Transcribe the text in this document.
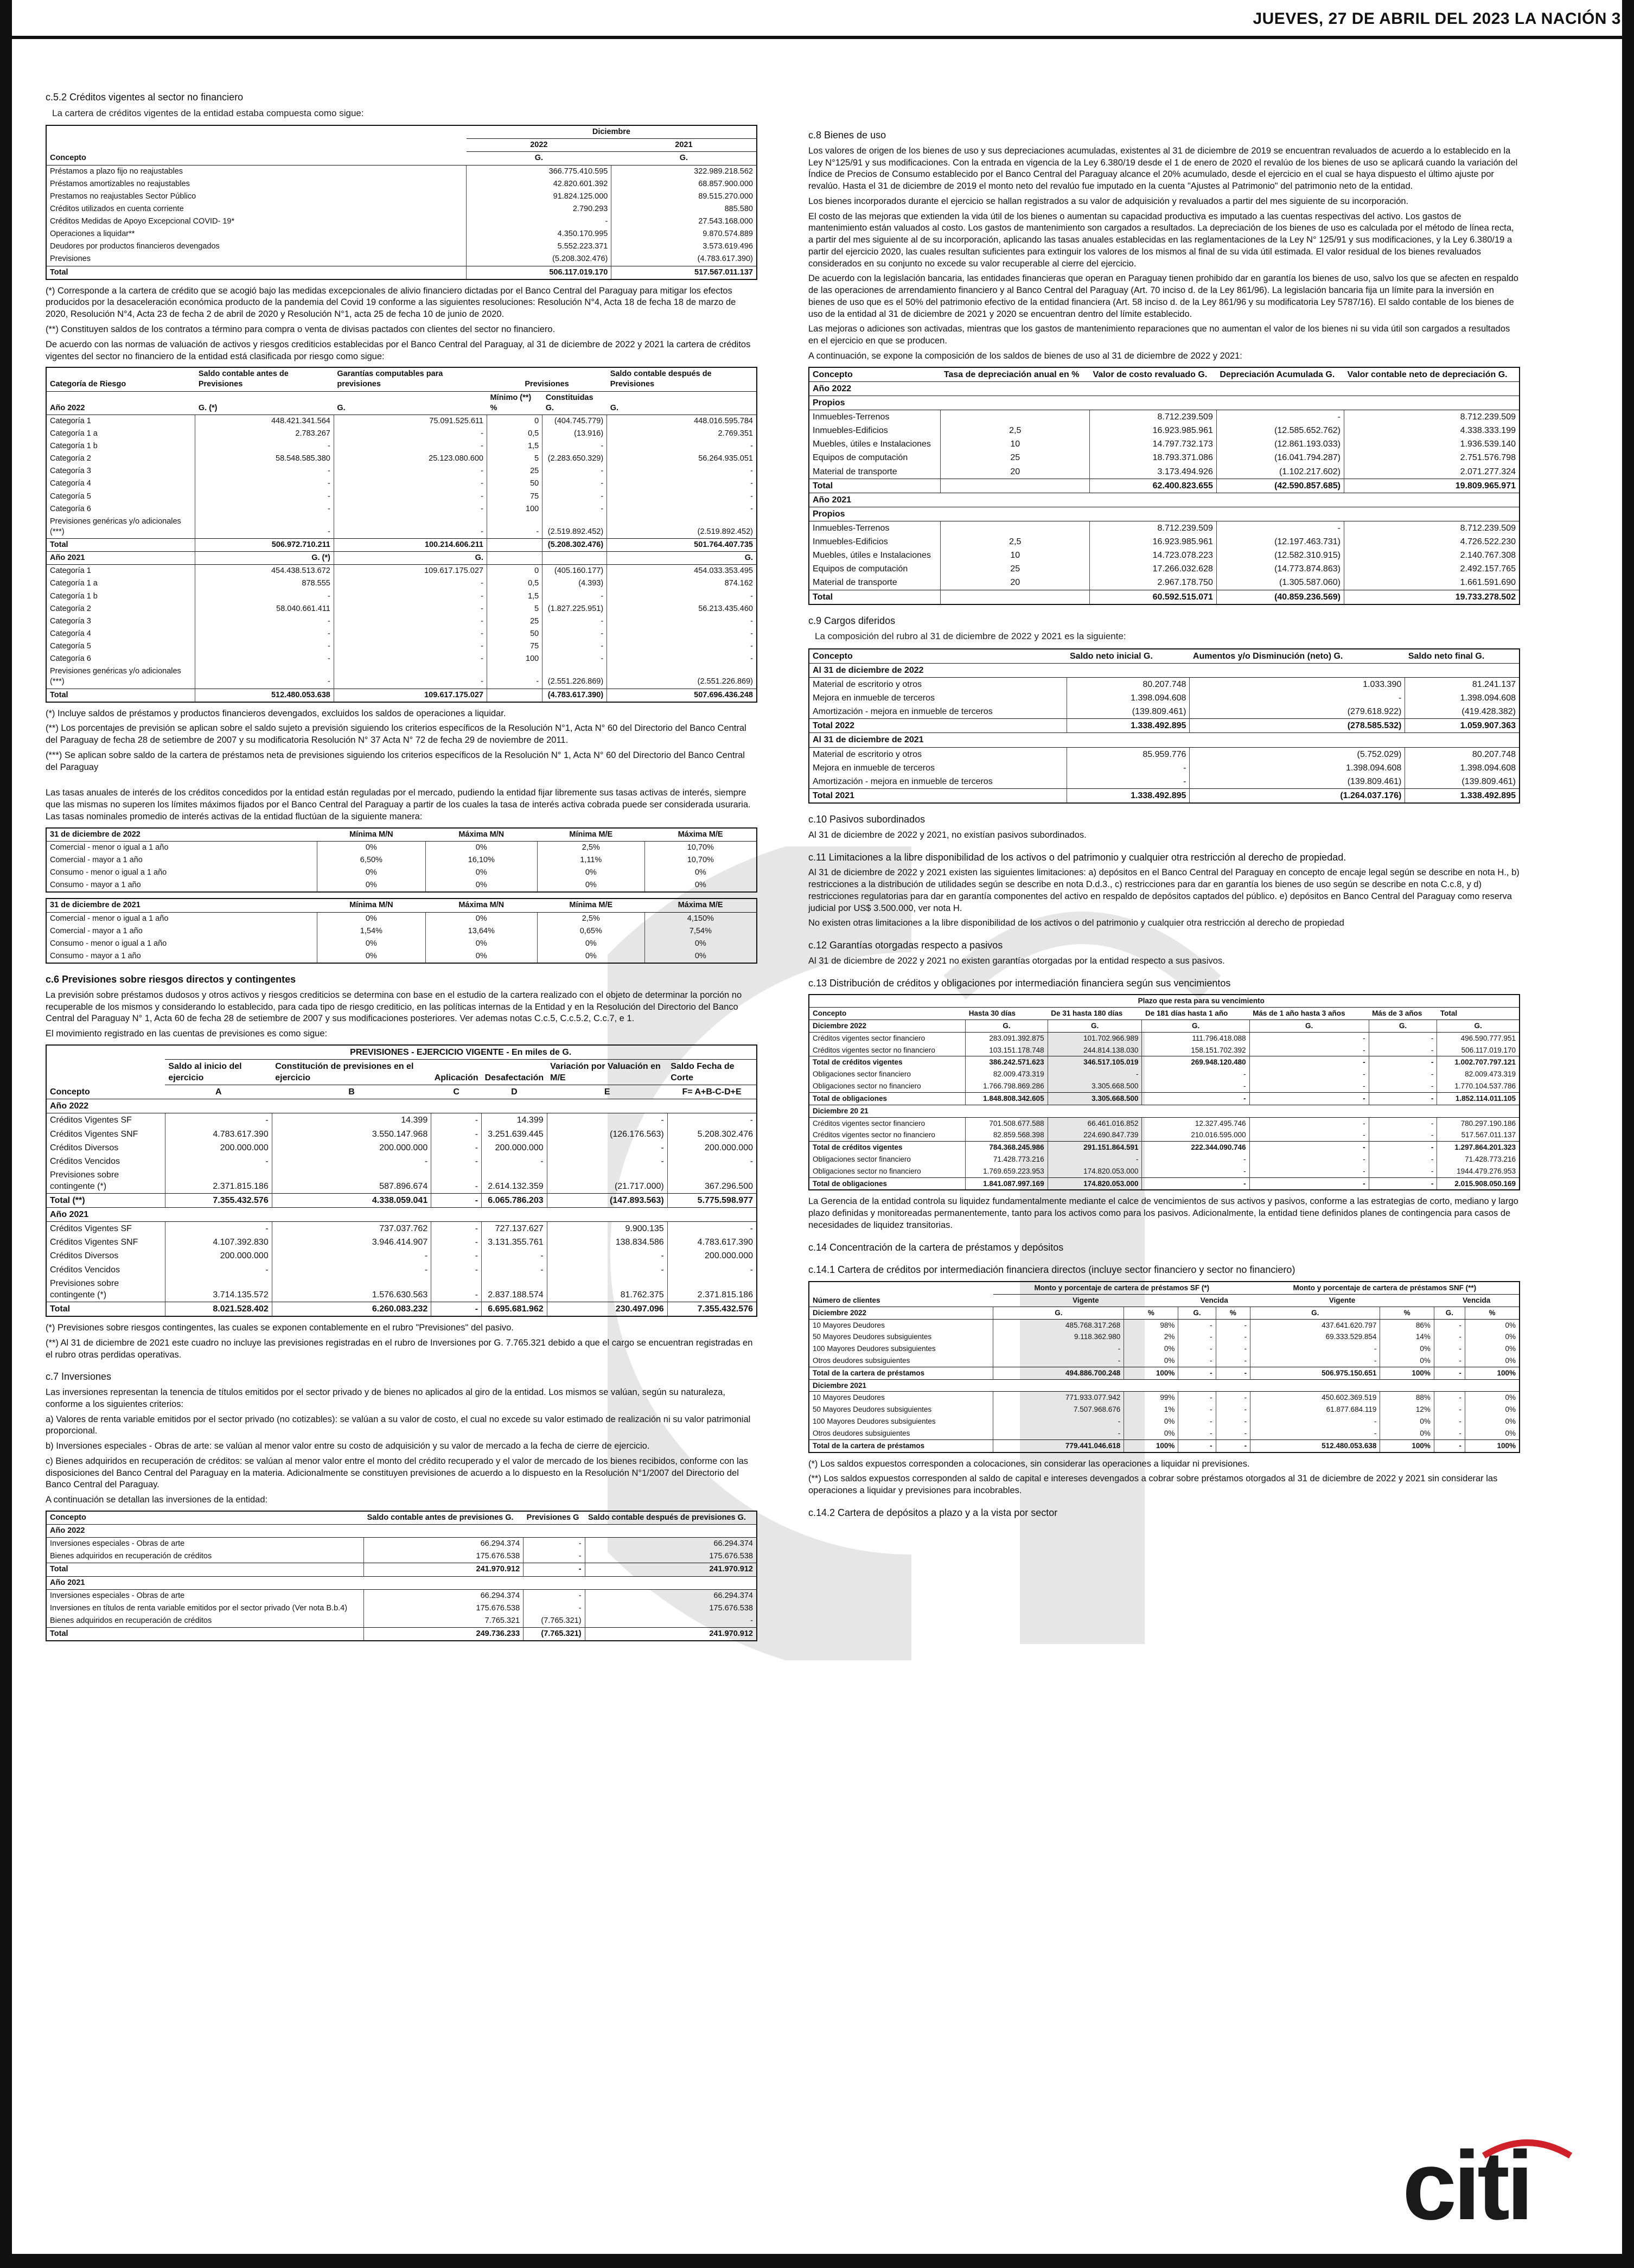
JUEVES, 27 DE ABRIL DEL 2023 LA NACIÓN 3
c.5.2 Créditos vigentes al sector no financiero
La cartera de créditos vigentes de la entidad estaba compuesta como sigue:
Concepto	Diciembre	
	2022	2021
	G.	G.
Préstamos a plazo fijo no reajustables	366.775.410.595	322.989.218.562
Préstamos amortizables no reajustables	42.820.601.392	68.857.900.000
Prestamos no reajustables Sector Público	91.824.125.000	89.515.270.000
Créditos utilizados en cuenta corriente	2.790.293	885.580
Créditos Medidas de Apoyo Excepcional COVID- 19*	-	27.543.168.000
Operaciones a liquidar**	4.350.170.995	9.870.574.889
Deudores por productos financieros devengados	5.552.223.371	3.573.619.496
Previsiones	(5.208.302.476)	(4.783.617.390)
Total	506.117.019.170	517.567.011.137

(*) Corresponde a la cartera de crédito que se acogió bajo las medidas excepcionales de alivio financiero dictadas por el Banco Central del Paraguay para mitigar los efectos producidos por la desaceleración económica producto de la pandemia del Covid 19 conforme a las siguientes resoluciones: Resolución N°4, Acta 18 de fecha 18 de marzo de 2020, Resolución N°4, Acta 23 de fecha 2 de abril de 2020 y Resolución N°1, acta 25 de fecha 10 de junio de 2020.

(**) Constituyen saldos de los contratos a término para compra o venta de divisas pactados con clientes del sector no financiero.

De acuerdo con las normas de valuación de activos y riesgos crediticios establecidas por el Banco Central del Paraguay, al 31 de diciembre de 2022 y 2021 la cartera de créditos vigentes del sector no financiero de la entidad está clasificada por riesgo como sigue:

Categoría de Riesgo	Saldo contable antes de Previsiones	Garantías computables para previsiones	Previsiones		Saldo contable después de Previsiones
Año 2022	G. (*)	G.	Mínimo (**) %	Constituidas G.	G.
Categoría 1	448.421.341.564	75.091.525.611	0	(404.745.779)	448.016.595.784
Categoría 1 a	2.783.267	-	0,5	(13.916)	2.769.351
Categoría 1 b	-	-	1,5	-	-
Categoría 2	58.548.585.380	25.123.080.600	5	(2.283.650.329)	56.264.935.051
Categoría 3	-	-	25	-	-
Categoría 4	-	-	50	-	-
Categoría 5	-	-	75	-	-
Categoría 6	-	-	100	-	-
Previsiones genéricas y/o adicionales (***)	-	-	-	(2.519.892.452)	(2.519.892.452)
Total	506.972.710.211	100.214.606.211		(5.208.302.476)	501.764.407.735
Año 2021	G. (*)	G.			G.
Categoría 1	454.438.513.672	109.617.175.027	0	(405.160.177)	454.033.353.495
Categoría 1 a	878.555	-	0,5	(4.393)	874.162
Categoría 1 b	-	-	1,5	-	-
Categoría 2	58.040.661.411	-	5	(1.827.225.951)	56.213.435.460
Categoría 3	-	-	25	-	-
Categoría 4	-	-	50	-	-
Categoría 5	-	-	75	-	-
Categoría 6	-	-	100	-	-
Previsiones genéricas y/o adicionales (***)	-	-	-	(2.551.226.869)	(2.551.226.869)
Total	512.480.053.638	109.617.175.027		(4.783.617.390)	507.696.436.248

(*) Incluye saldos de préstamos y productos financieros devengados, excluidos los saldos de operaciones a liquidar.

(**) Los porcentajes de previsión se aplican sobre el saldo sujeto a previsión siguiendo los criterios específicos de la Resolución N°1, Acta N° 60 del Directorio del Banco Central del Paraguay de fecha 28 de setiembre de 2007 y su modificatoria Resolución N° 37 Acta N° 72 de fecha 29 de noviembre de 2011.

(***) Se aplican sobre saldo de la cartera de préstamos neta de previsiones siguiendo los criterios específicos de la Resolución N° 1, Acta N° 60 del Directorio del Banco Central del Paraguay

Las tasas anuales de interés de los créditos concedidos por la entidad están reguladas por el mercado, pudiendo la entidad fijar libremente sus tasas activas de interés, siempre que las mismas no superen los límites máximos fijados por el Banco Central del Paraguay a partir de los cuales la tasa de interés activa cobrada puede ser considerada usuraria. Las tasas nominales promedio de interés activas de la entidad fluctúan de la siguiente manera:

31 de diciembre de 2022	Mínima M/N	Máxima M/N	Mínima M/E	Máxima M/E
Comercial - menor o igual a 1 año	0%	0%	2,5%	10,70%
Comercial - mayor a 1 año	6,50%	16,10%	1,11%	10,70%
Consumo - menor o igual a 1 año	0%	0%	0%	0%
Consumo - mayor a 1 año	0%	0%	0%	0%
31 de diciembre de 2021	Mínima M/N	Máxima M/N	Mínima M/E	Máxima M/E
Comercial - menor o igual a 1 año	0%	0%	2,5%	4,150%
Comercial - mayor a 1 año	1,54%	13,64%	0,65%	7,54%
Consumo - menor o igual a 1 año	0%	0%	0%	0%
Consumo - mayor a 1 año	0%	0%	0%	0%
c.6 Previsiones sobre riesgos directos y contingentes

La previsión sobre préstamos dudosos y otros activos y riesgos crediticios se determina con base en el estudio de la cartera realizado con el objeto de determinar la porción no recuperable de los mismos y considerando lo establecido, para cada tipo de riesgo crediticio, en las políticas internas de la Entidad y en la Resolución del Directorio del Banco Central del Paraguay N° 1, Acta 60 de fecha 28 de setiembre de 2007 y sus modificaciones posteriores. Ver ademas notas C.c.5, C.c.5.2, C.c.7, e 1.

El movimiento registrado en las cuentas de previsiones es como sigue:

Concepto	PREVISIONES - EJERCICIO VIGENTE - En miles de G.					
	Saldo al inicio del ejercicio	Constitución de previsiones en el ejercicio	Aplicación	Desafectación	Variación por Valuación en M/E	Saldo Fecha de Corte
	A	B	C	D	E	F= A+B-C-D+E
Año 2022						
Créditos Vigentes SF	-	14.399	-	14.399	-	-
Créditos Vigentes SNF	4.783.617.390	3.550.147.968	-	3.251.639.445	(126.176.563)	5.208.302.476
Créditos Diversos	200.000.000	200.000.000	-	200.000.000	-	200.000.000
Créditos Vencidos	-	-	-	-	-	-
Previsiones sobre contingente (*)	2.371.815.186	587.896.674	-	2.614.132.359	(21.717.000)	367.296.500
Total (**)	7.355.432.576	4.338.059.041	-	6.065.786.203	(147.893.563)	5.775.598.977
Año 2021						
Créditos Vigentes SF	-	737.037.762	-	727.137.627	9.900.135	-
Créditos Vigentes SNF	4.107.392.830	3.946.414.907	-	3.131.355.761	138.834.586	4.783.617.390
Créditos Diversos	200.000.000	-	-	-	-	200.000.000
Créditos Vencidos	-	-	-	-	-	-
Previsiones sobre contingente (*)	3.714.135.572	1.576.630.563	-	2.837.188.574	81.762.375	2.371.815.186
Total	8.021.528.402	6.260.083.232	-	6.695.681.962	230.497.096	7.355.432.576

(*) Previsiones sobre riesgos contingentes, las cuales se exponen contablemente en el rubro "Previsiones" del pasivo.

(**) Al 31 de diciembre de 2021 este cuadro no incluye las previsiones registradas en el rubro de Inversiones por G. 7.765.321 debido a que el cargo se encuentran registradas en el rubro otras perdidas operativas.

c.7 Inversiones

Las inversiones representan la tenencia de títulos emitidos por el sector privado y de bienes no aplicados al giro de la entidad. Los mismos se valúan, según su naturaleza, conforme a los siguientes criterios:

a) Valores de renta variable emitidos por el sector privado (no cotizables): se valúan a su valor de costo, el cual no excede su valor estimado de realización ni su valor patrimonial proporcional.

b) Inversiones especiales - Obras de arte: se valúan al menor valor entre su costo de adquisición y su valor de mercado a la fecha de cierre de ejercicio.

c) Bienes adquiridos en recuperación de créditos: se valúan al menor valor entre el monto del crédito recuperado y el valor de mercado de los bienes recibidos, conforme con las disposiciones del Banco Central del Paraguay en la materia. Adicionalmente se constituyen previsiones de acuerdo a lo dispuesto en la Resolución N°1/2007 del Directorio del Banco Central del Paraguay.

A continuación se detallan las inversiones de la entidad:

Concepto	Saldo contable antes de previsiones G.	Previsiones G	Saldo contable después de previsiones G.
Año 2022			
Inversiones especiales - Obras de arte	66.294.374	-	66.294.374
Bienes adquiridos en recuperación de créditos	175.676.538	-	175.676.538
Total	241.970.912	-	241.970.912
Año 2021			
Inversiones especiales - Obras de arte	66.294.374	-	66.294.374
Inversiones en títulos de renta variable emitidos por el sector privado (Ver nota B.b.4)	175.676.538	-	175.676.538
Bienes adquiridos en recuperación de créditos	7.765.321	(7.765.321)	-
Total	249.736.233	(7.765.321)	241.970.912
c.8 Bienes de uso

Los valores de origen de los bienes de uso y sus depreciaciones acumuladas, existentes al 31 de diciembre de 2019 se encuentran revaluados de acuerdo a lo establecido en la Ley N°125/91 y sus modificaciones. Con la entrada en vigencia de la Ley 6.380/19 desde el 1 de enero de 2020 el revalúo de los bienes de uso se aplicará cuando la variación del Índice de Precios de Consumo establecido por el Banco Central del Paraguay alcance el 20% acumulado, desde el ejercicio en el cual se haya dispuesto el último ajuste por revalúo. Hasta el 31 de diciembre de 2019 el monto neto del revalúo fue imputado en la cuenta "Ajustes al Patrimonio" del patrimonio neto de la entidad.

Los bienes incorporados durante el ejercicio se hallan registrados a su valor de adquisición y revaluados a partir del mes siguiente de su incorporación.

El costo de las mejoras que extienden la vida útil de los bienes o aumentan su capacidad productiva es imputado a las cuentas respectivas del activo. Los gastos de mantenimiento están valuados al costo. Los gastos de mantenimiento son cargados a resultados. La depreciación de los bienes de uso es calculada por el método de línea recta, a partir del mes siguiente al de su incorporación, aplicando las tasas anuales establecidas en las reglamentaciones de la Ley N° 125/91 y sus modificaciones, y la Ley 6.380/19 a partir del ejercicio 2020, las cuales resultan suficientes para extinguir los valores de los mismos al final de su vida útil estimada. El valor residual de los bienes revaluados considerados en su conjunto no excede su valor recuperable al cierre del ejercicio.

De acuerdo con la legislación bancaria, las entidades financieras que operan en Paraguay tienen prohibido dar en garantía los bienes de uso, salvo los que se afecten en respaldo de las operaciones de arrendamiento financiero y al Banco Central del Paraguay (Art. 70 inciso d. de la Ley 861/96). La legislación bancaria fija un límite para la inversión en bienes de uso que es el 50% del patrimonio efectivo de la entidad financiera (Art. 58 inciso d. de la Ley 861/96 y su modificatoria Ley 5787/16). El saldo contable de los bienes de uso de la entidad al 31 de diciembre de 2021 y 2020 se encuentran dentro del límite establecido.

Las mejoras o adiciones son activadas, mientras que los gastos de mantenimiento reparaciones que no aumentan el valor de los bienes ni su vida útil son cargados a resultados en el ejercicio en que se producen.

A continuación, se expone la composición de los saldos de bienes de uso al 31 de diciembre de 2022 y 2021:

Concepto	Tasa de depreciación anual en %	Valor de costo revaluado G.	Depreciación Acumulada G.	Valor contable neto de depreciación G.
Año 2022				
Propios				
Inmuebles-Terrenos		8.712.239.509	-	8.712.239.509
Inmuebles-Edificios	2,5	16.923.985.961	(12.585.652.762)	4.338.333.199
Muebles, útiles e Instalaciones	10	14.797.732.173	(12.861.193.033)	1.936.539.140
Equipos de computación	25	18.793.371.086	(16.041.794.287)	2.751.576.798
Material de transporte	20	3.173.494.926	(1.102.217.602)	2.071.277.324
Total		62.400.823.655	(42.590.857.685)	19.809.965.971
Año 2021				
Propios				
Inmuebles-Terrenos		8.712.239.509	-	8.712.239.509
Inmuebles-Edificios	2,5	16.923.985.961	(12.197.463.731)	4.726.522.230
Muebles, útiles e Instalaciones	10	14.723.078.223	(12.582.310.915)	2.140.767.308
Equipos de computación	25	17.266.032.628	(14.773.874.863)	2.492.157.765
Material de transporte	20	2.967.178.750	(1.305.587.060)	1.661.591.690
Total		60.592.515.071	(40.859.236.569)	19.733.278.502
c.9 Cargos diferidos
La composición del rubro al 31 de diciembre de 2022 y 2021 es la siguiente:
Concepto	Saldo neto inicial G.	Aumentos y/o Disminución (neto) G.	Saldo neto final G.
Al 31 de diciembre de 2022			
Material de escritorio y otros	80.207.748	1.033.390	81.241.137
Mejora en inmueble de terceros	1.398.094.608	-	1.398.094.608
Amortización - mejora en inmueble de terceros	(139.809.461)	(279.618.922)	(419.428.382)
Total 2022	1.338.492.895	(278.585.532)	1.059.907.363
Al 31 de diciembre de 2021			
Material de escritorio y otros	85.959.776	(5.752.029)	80.207.748
Mejora en inmueble de terceros	-	1.398.094.608	1.398.094.608
Amortización - mejora en inmueble de terceros	-	(139.809.461)	(139.809.461)
Total 2021	1.338.492.895	(1.264.037.176)	1.338.492.895
c.10 Pasivos subordinados

Al 31 de diciembre de 2022 y 2021, no existían pasivos subordinados.

c.11 Limitaciones a la libre disponibilidad de los activos o del patrimonio y cualquier otra restricción al derecho de propiedad.

Al 31 de diciembre de 2022 y 2021 existen las siguientes limitaciones: a) depósitos en el Banco Central del Paraguay en concepto de encaje legal según se describe en nota H., b) restricciones a la distribución de utilidades según se describe en nota D.d.3., c) restricciones para dar en garantía los bienes de uso según se describe en nota C.c.8, y d) restricciones regulatorias para dar en garantía componentes del activo en respaldo de depósitos captados del público. e) depósitos en Banco Central del Paraguay como reserva judicial por US$ 3.500.000, ver nota H.

No existen otras limitaciones a la libre disponibilidad de los activos o del patrimonio y cualquier otra restricción al derecho de propiedad

c.12 Garantías otorgadas respecto a pasivos

Al 31 de diciembre de 2022 y 2021 no existen garantías otorgadas por la entidad respecto a sus pasivos.

c.13 Distribución de créditos y obligaciones por intermediación financiera según sus vencimientos
	Plazo que resta para su vencimiento					
Concepto	Hasta 30 días	De 31 hasta 180 días	De 181 días hasta 1 año	Más de 1 año hasta 3 años	Más de 3 años	Total
Diciembre 2022	G.	G.	G.	G.	G.	G.
Créditos vigentes sector financiero	283.091.392.875	101.702.966.989	111.796.418.088	-	-	496.590.777.951
Créditos vigentes sector no financiero	103.151.178.748	244.814.138.030	158.151.702.392	-	-	506.117.019.170
Total de créditos vigentes	386.242.571.623	346.517.105.019	269.948.120.480	-	-	1.002.707.797.121
Obligaciones sector financiero	82.009.473.319	-	-	-	-	82.009.473.319
Obligaciones sector no financiero	1.766.798.869.286	3.305.668.500	-	-	-	1.770.104.537.786
Total de obligaciones	1.848.808.342.605	3.305.668.500	-	-	-	1.852.114.011.105
Diciembre 20 21						
Créditos vigentes sector financiero	701.508.677.588	66.461.016.852	12.327.495.746	-	-	780.297.190.186
Créditos vigentes sector no financiero	82.859.568.398	224.690.847.739	210.016.595.000	-	-	517.567.011.137
Total de créditos vigentes	784.368.245.986	291.151.864.591	222.344.090.746	-	-	1.297.864.201.323
Obligaciones sector financiero	71.428.773.216	-	-	-	-	71.428.773.216
Obligaciones sector no financiero	1.769.659.223.953	174.820.053.000	-	-	-	1944.479.276.953
Total de obligaciones	1.841.087.997.169	174.820.053.000	-	-	-	2.015.908.050.169

La Gerencia de la entidad controla su liquidez fundamentalmente mediante el calce de vencimientos de sus activos y pasivos, conforme a las estrategias de corto, mediano y largo plazo definidas y monitoreadas permanentemente, tanto para los activos como para los pasivos. Adicionalmente, la entidad tiene definidos planes de contingencia para casos de necesidades de liquidez transitorias.

c.14 Concentración de la cartera de préstamos y depósitos
c.14.1 Cartera de créditos por intermediación financiera directos (incluye sector financiero y sector no financiero)
Número de clientes	Monto y porcentaje de cartera de préstamos SF (*)				Monto y porcentaje de cartera de préstamos SNF (**)			
	Vigente		Vencida		Vigente		Vencida	
Diciembre 2022	G.	%	G.	%	G.	%	G.	%
10 Mayores Deudores	485.768.317.268	98%	-	-	437.641.620.797	86%	-	0%
50 Mayores Deudores subsiguientes	9.118.362.980	2%	-	-	69.333.529.854	14%	-	0%
100 Mayores Deudores subsiguientes	-	0%	-	-	-	0%	-	0%
Otros deudores subsiguientes	-	0%	-	-	-	0%	-	0%
Total de la cartera de préstamos	494.886.700.248	100%	-	-	506.975.150.651	100%	-	100%
Diciembre 2021								
10 Mayores Deudores	771.933.077.942	99%	-	-	450.602.369.519	88%	-	0%
50 Mayores Deudores subsiguientes	7.507.968.676	1%	-	-	61.877.684.119	12%	-	0%
100 Mayores Deudores subsiguientes	-	0%	-	-	-	0%	-	0%
Otros deudores subsiguientes	-	0%	-	-	-	0%	-	0%
Total de la cartera de préstamos	779.441.046.618	100%	-	-	512.480.053.638	100%	-	100%

(*) Los saldos expuestos corresponden a colocaciones, sin considerar las operaciones a liquidar ni previsiones.

(**) Los saldos expuestos corresponden al saldo de capital e intereses devengados a cobrar sobre préstamos otorgados al 31 de diciembre de 2022 y 2021 sin considerar las operaciones a liquidar y previsiones para incobrables.

c.14.2 Cartera de depósitos a plazo y a la vista por sector
citi
